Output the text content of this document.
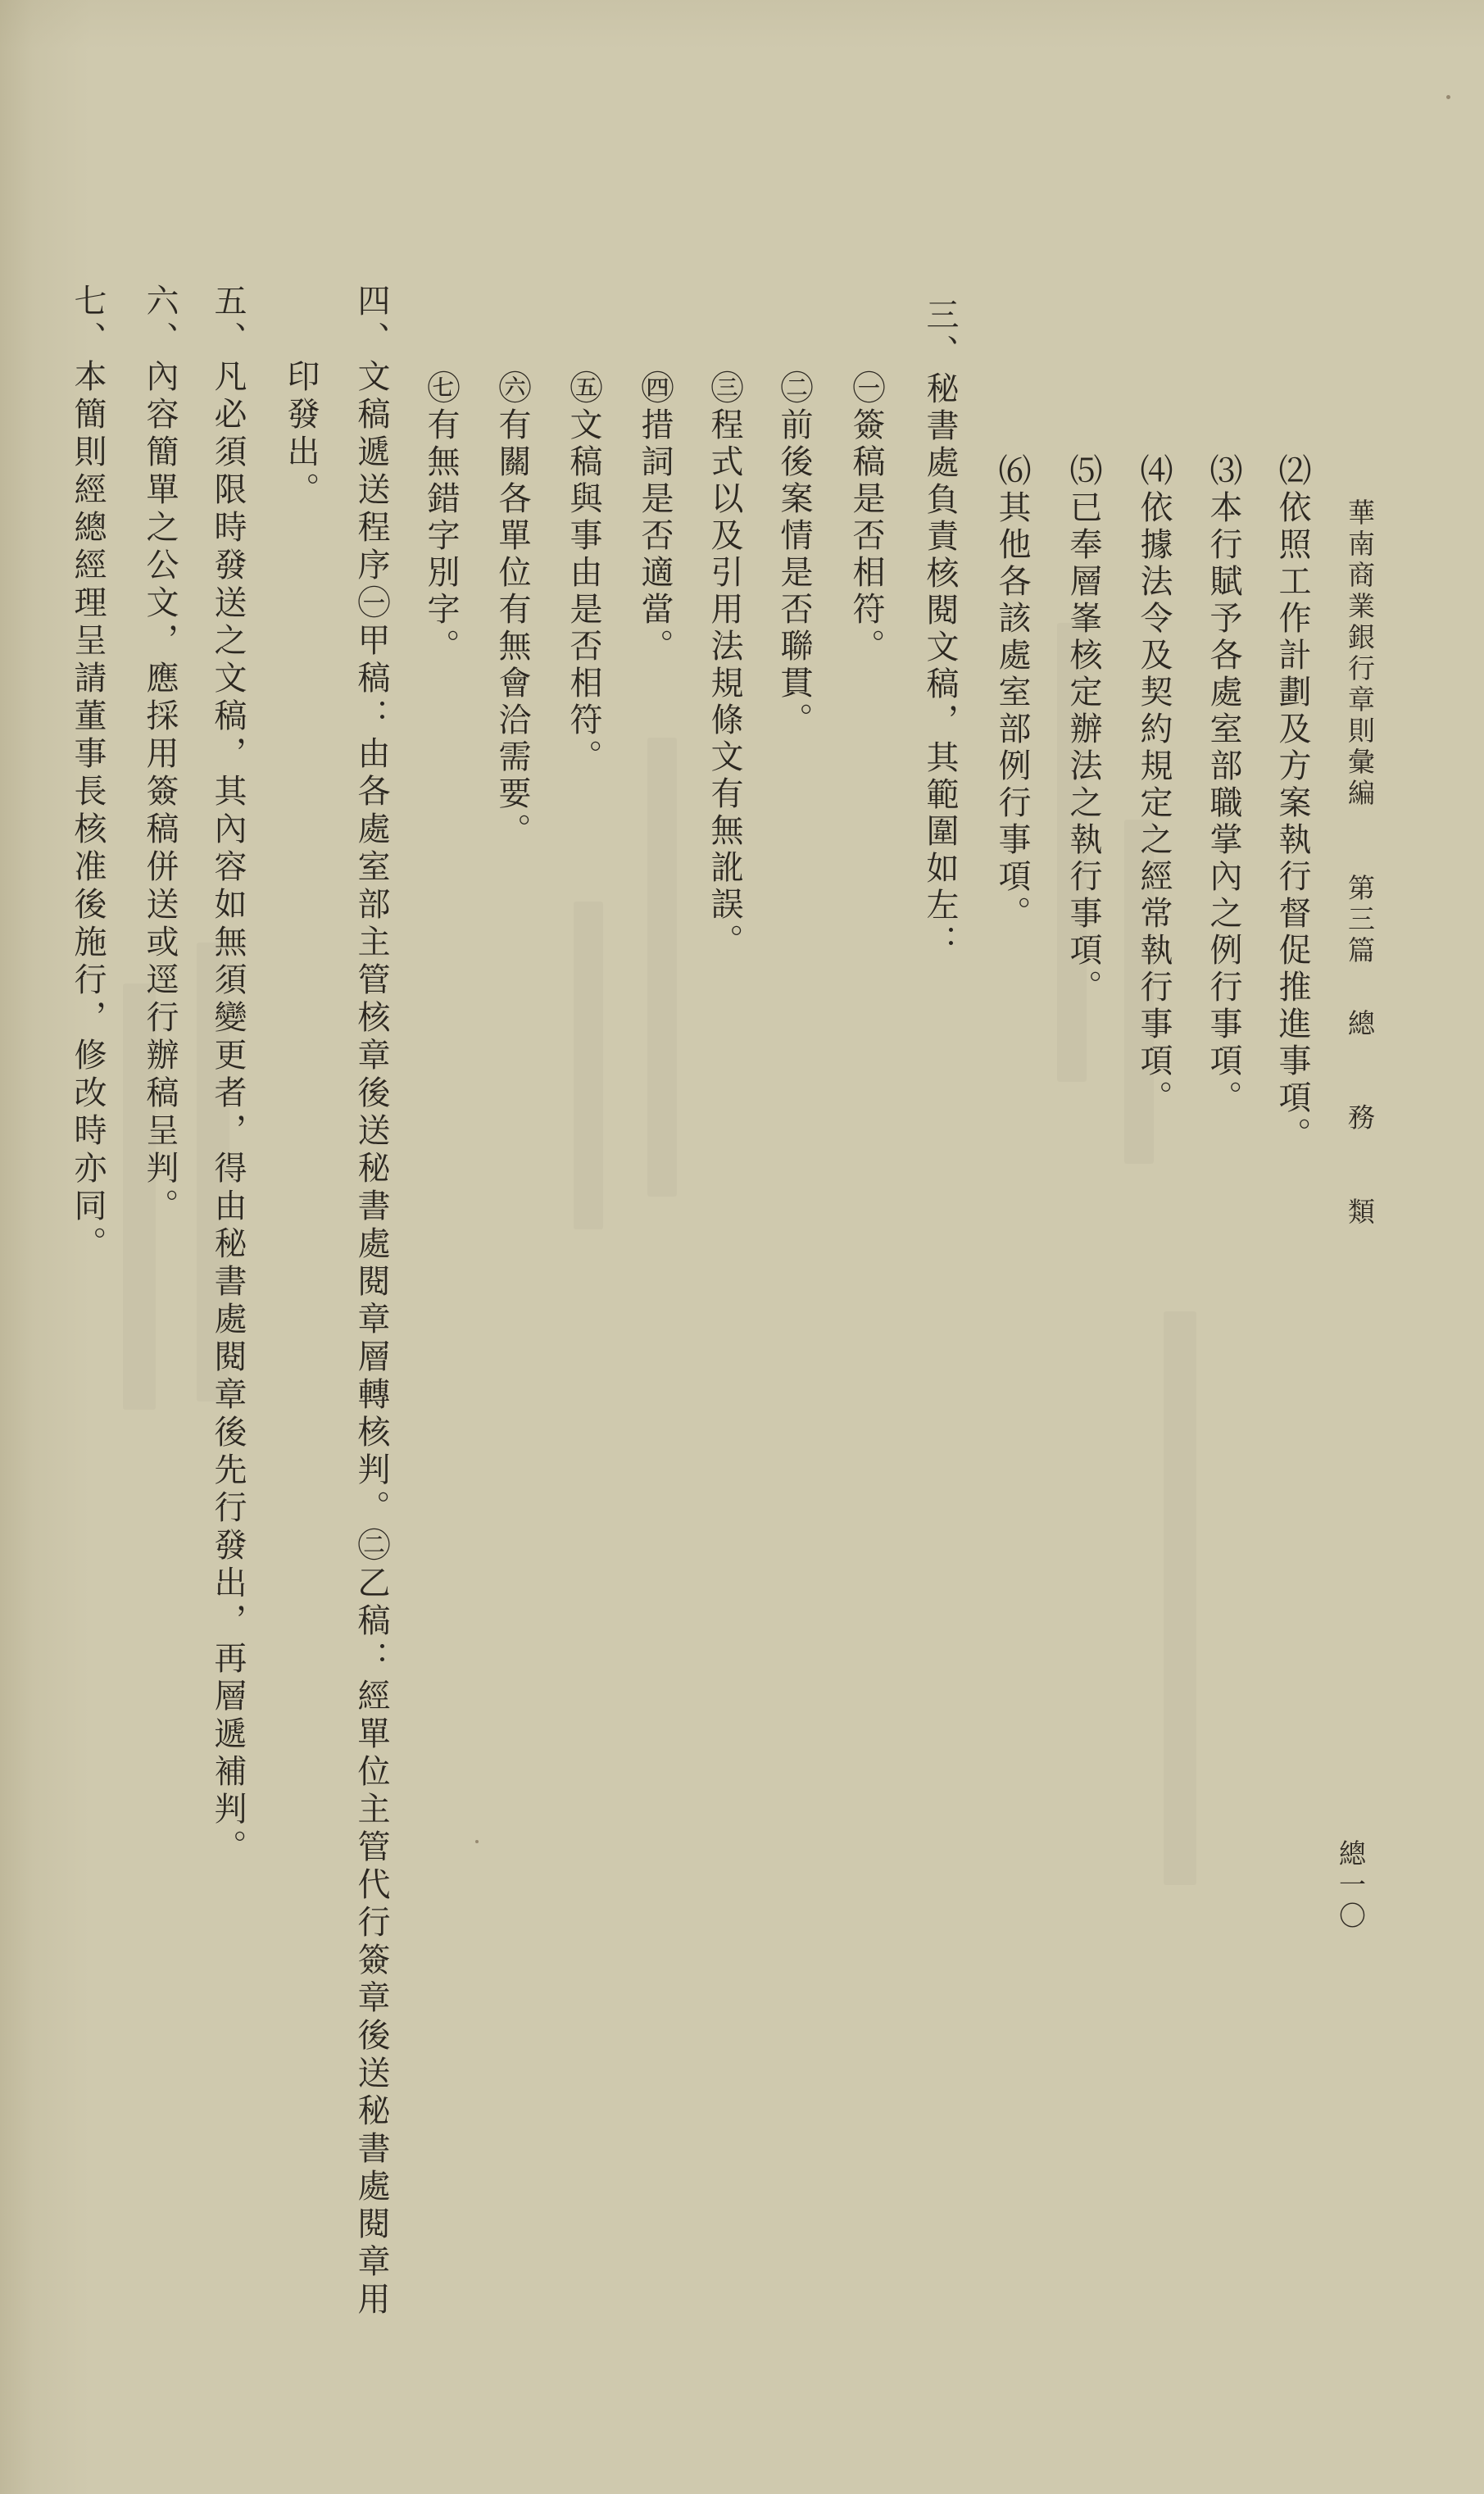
華南商業銀行章則彙編
第三篇
總務類
總一〇
⑵依照工作計劃及方案執行督促推進事項。
⑶本行賦予各處室部職掌內之例行事項。
⑷依據法令及契約規定之經常執行事項。
⑸已奉層峯核定辦法之執行事項。
⑹其他各該處室部例行事項。
三、秘書處負責核閱文稿，其範圍如左：
㊀簽稿是否相符。
㊁前後案情是否聯貫。
㊂程式以及引用法規條文有無訛誤。
㊃措詞是否適當。
㊄文稿與事由是否相符。
㊅有關各單位有無會洽需要。
㊆有無錯字別字。
四、文稿遞送程序㊀甲稿：由各處室部主管核章後送秘書處閱章層轉核判。㊁乙稿：經單位主管代行簽章後送秘書處閱章用
印發出。
五、凡必須限時發送之文稿，其內容如無須變更者，得由秘書處閱章後先行發出，再層遞補判。
六、內容簡單之公文，應採用簽稿併送或逕行辦稿呈判。
七、本簡則經總經理呈請董事長核准後施行，修改時亦同。
